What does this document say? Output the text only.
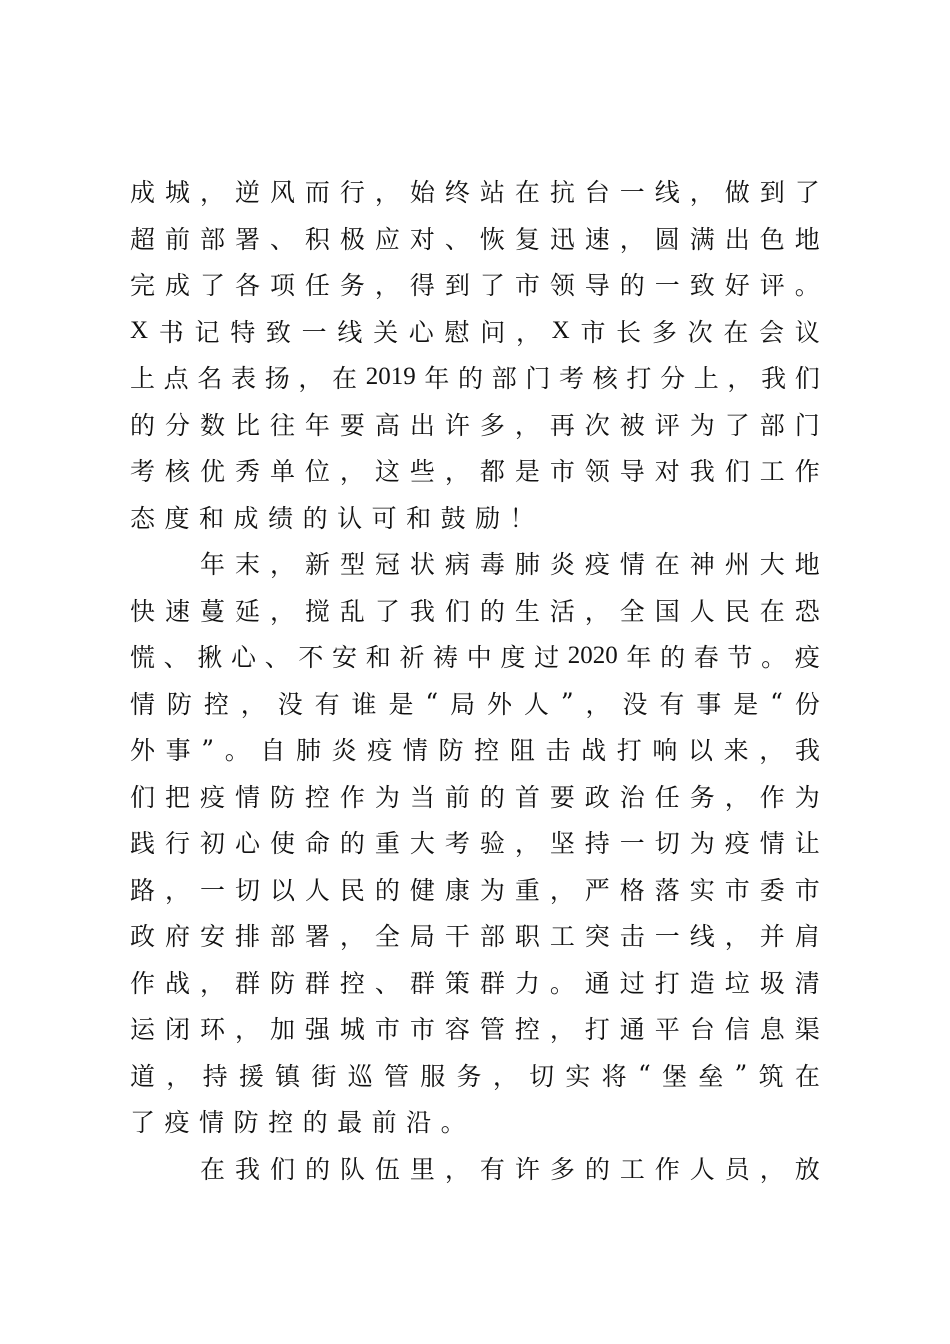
成 城 ， 逆 风 而 行 ， 始 终 站 在 抗 台 一 线 ， 做 到 了
超 前 部 署 、 积 极 应 对 、 恢 复 迅 速 ， 圆 满 出 色 地
完 成 了 各 项 任 务 ， 得 到 了 市 领 导 的 一 致 好 评 。
X 书 记 特 致 一 线 关 心 慰 问 ， X 市 长 多 次 在 会 议
上 点 名 表 扬 ， 在 2019 年 的 部 门 考 核 打 分 上 ， 我 们
的 分 数 比 往 年 要 高 出 许 多 ， 再 次 被 评 为 了 部 门
考 核 优 秀 单 位 ， 这 些 ， 都 是 市 领 导 对 我 们 工 作
态 度 和 成 绩 的 认 可 和 鼓 励 ！
年 末 ， 新 型 冠 状 病 毒 肺 炎 疫 情 在 神 州 大 地
快 速 蔓 延 ， 搅 乱 了 我 们 的 生 活 ， 全 国 人 民 在 恐
慌 、 揪 心 、 不 安 和 祈 祷 中 度 过 2020 年 的 春 节 。 疫
情 防 控 ， 没 有 谁 是 “ 局 外 人 ” ， 没 有 事 是 “ 份
外 事 ” 。 自 肺 炎 疫 情 防 控 阻 击 战 打 响 以 来 ， 我
们 把 疫 情 防 控 作 为 当 前 的 首 要 政 治 任 务 ， 作 为
践 行 初 心 使 命 的 重 大 考 验 ， 坚 持 一 切 为 疫 情 让
路 ， 一 切 以 人 民 的 健 康 为 重 ， 严 格 落 实 市 委 市
政 府 安 排 部 署 ， 全 局 干 部 职 工 突 击 一 线 ， 并 肩
作 战 ， 群 防 群 控 、 群 策 群 力 。 通 过 打 造 垃 圾 清
运 闭 环 ， 加 强 城 市 市 容 管 控 ， 打 通 平 台 信 息 渠
道 ， 持 援 镇 街 巡 管 服 务 ， 切 实 将 “ 堡 垒 ” 筑 在
了 疫 情 防 控 的 最 前 沿 。
在 我 们 的 队 伍 里 ， 有 许 多 的 工 作 人 员 ， 放
